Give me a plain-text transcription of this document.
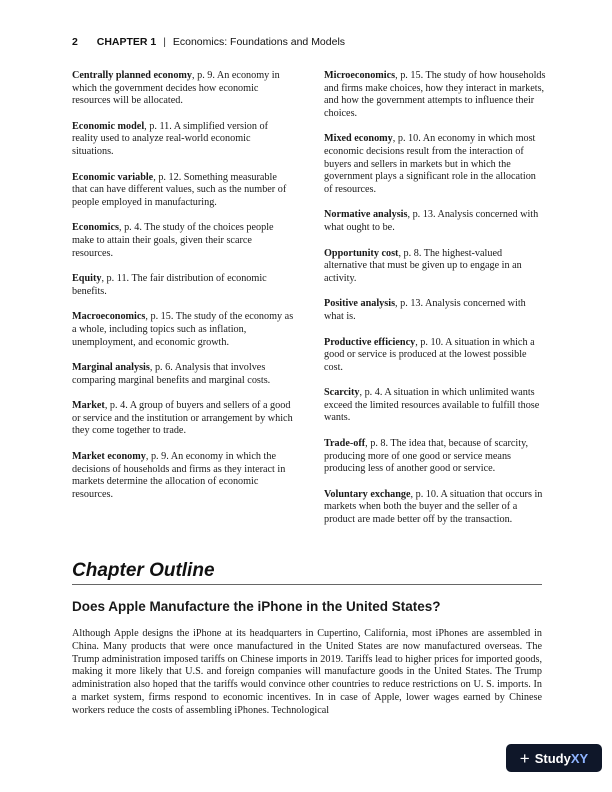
2 CHAPTER 1 | Economics: Foundations and Models

Centrally planned economy, p. 9. An economy in which the government decides how economic resources will be allocated.

Economic model, p. 11. A simplified version of reality used to analyze real-world economic situations.

Economic variable, p. 12. Something measurable that can have different values, such as the number of people employed in manufacturing.

Economics, p. 4. The study of the choices people make to attain their goals, given their scarce resources.

Equity, p. 11. The fair distribution of economic benefits.

Macroeconomics, p. 15. The study of the economy as a whole, including topics such as inflation, unemployment, and economic growth.

Marginal analysis, p. 6. Analysis that involves comparing marginal benefits and marginal costs.

Market, p. 4. A group of buyers and sellers of a good or service and the institution or arrangement by which they come together to trade.

Market economy, p. 9. An economy in which the decisions of households and firms as they interact in markets determine the allocation of economic resources.

Microeconomics, p. 15. The study of how households and firms make choices, how they interact in markets, and how the government attempts to influence their choices.

Mixed economy, p. 10. An economy in which most economic decisions result from the interaction of buyers and sellers in markets but in which the government plays a significant role in the allocation of resources.

Normative analysis, p. 13. Analysis concerned with what ought to be.

Opportunity cost, p. 8. The highest-valued alternative that must be given up to engage in an activity.

Positive analysis, p. 13. Analysis concerned with what is.

Productive efficiency, p. 10. A situation in which a good or service is produced at the lowest possible cost.

Scarcity, p. 4. A situation in which unlimited wants exceed the limited resources available to fulfill those wants.

Trade-off, p. 8. The idea that, because of scarcity, producing more of one good or service means producing less of another good or service.

Voluntary exchange, p. 10. A situation that occurs in markets when both the buyer and the seller of a product are made better off by the transaction.

Chapter Outline
Does Apple Manufacture the iPhone in the United States?

Although Apple designs the iPhone at its headquarters in Cupertino, California, most iPhones are assembled in China. Many products that were once manufactured in the United States are now manufactured overseas. The Trump administration imposed tariffs on Chinese imports in 2019. Tariffs lead to higher prices for imported goods, making it more likely that U.S. and foreign companies will manufacture goods in the United States. The Trump administration also hoped that the tariffs would convince other countries to reduce restrictions on U. S. imports. In a market system, firms respond to economic incentives. In in case of Apple, lower wages earned by Chinese workers reduce the costs of assembling iPhones. Technological

+ Study XY
